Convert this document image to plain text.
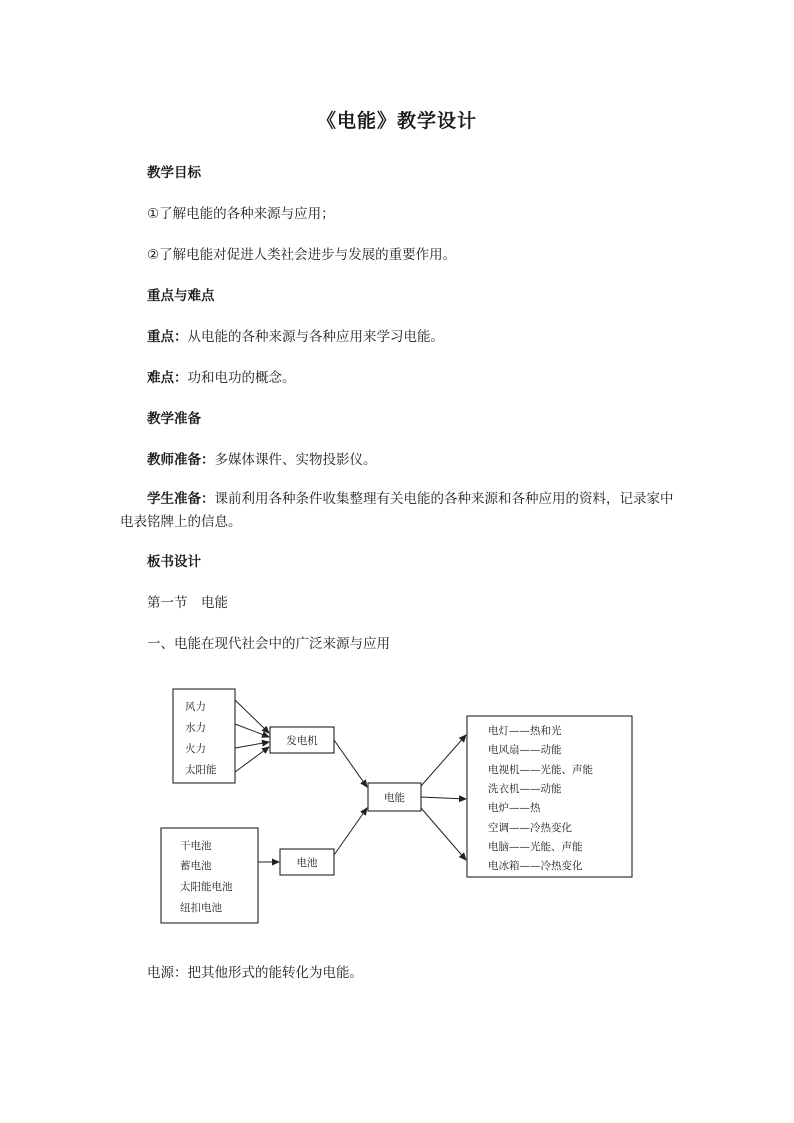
《电能》教学设计
教学目标
①了解电能的各种来源与应用；
②了解电能对促进人类社会进步与发展的重要作用。
重点与难点
重点：从电能的各种来源与各种应用来学习电能。
难点：功和电功的概念。
教学准备
教师准备：多媒体课件、实物投影仪。
学生准备：课前利用各种条件收集整理有关电能的各种来源和各种应用的资料，记录家中电表铭牌上的信息。
板书设计
第一节　电能
一、电能在现代社会中的广泛来源与应用
风力
水力
火力
太阳能
发电机
干电池
蓄电池
太阳能电池
纽扣电池
电池
电能
电灯——热和光
电风扇——动能
电视机——光能、声能
洗衣机——动能
电炉——热
空调——冷热变化
电脑——光能、声能
电冰箱——冷热变化
电源：把其他形式的能转化为电能。
